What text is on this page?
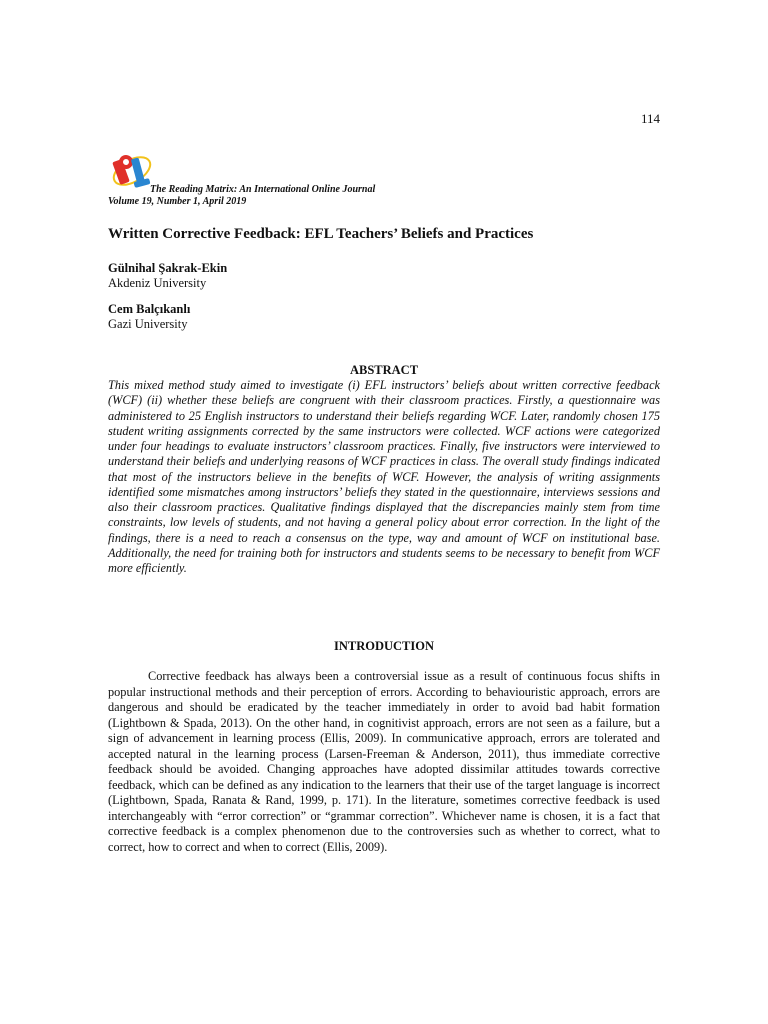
114
The Reading Matrix: An International Online Journal
Volume 19, Number 1, April 2019
Written Corrective Feedback: EFL Teachers’ Beliefs and Practices
Gülnihal Şakrak-Ekin
Akdeniz University
Cem Balçıkanlı
Gazi University
ABSTRACT
This mixed method study aimed to investigate (i) EFL instructors’ beliefs about written corrective feedback (WCF) (ii) whether these beliefs are congruent with their classroom practices. Firstly, a questionnaire was administered to 25 English instructors to understand their beliefs regarding WCF. Later, randomly chosen 175 student writing assignments corrected by the same instructors were collected. WCF actions were categorized under four headings to evaluate instructors’ classroom practices. Finally, five instructors were interviewed to understand their beliefs and underlying reasons of WCF practices in class. The overall study findings indicated that most of the instructors believe in the benefits of WCF. However, the analysis of writing assignments identified some mismatches among instructors’ beliefs they stated in the questionnaire, interviews sessions and also their classroom practices. Qualitative findings displayed that the discrepancies mainly stem from time constraints, low levels of students, and not having a general policy about error correction. In the light of the findings, there is a need to reach a consensus on the type, way and amount of WCF on institutional base. Additionally, the need for training both for instructors and students seems to be necessary to benefit from WCF more efficiently.
INTRODUCTION

Corrective feedback has always been a controversial issue as a result of continuous focus shifts in popular instructional methods and their perception of errors. According to behaviouristic approach, errors are dangerous and should be eradicated by the teacher immediately in order to avoid bad habit formation (Lightbown & Spada, 2013). On the other hand, in cognitivist approach, errors are not seen as a failure, but a sign of advancement in learning process (Ellis, 2009). In communicative approach, errors are tolerated and accepted natural in the learning process (Larsen-Freeman & Anderson, 2011), thus immediate corrective feedback should be avoided. Changing approaches have adopted dissimilar attitudes towards corrective feedback, which can be defined as any indication to the learners that their use of the target language is incorrect (Lightbown, Spada, Ranata & Rand, 1999, p. 171). In the literature, sometimes corrective feedback is used interchangeably with “error correction” or “grammar correction”. Whichever name is chosen, it is a fact that corrective feedback is a complex phenomenon due to the controversies such as whether to correct, what to correct, how to correct and when to correct (Ellis, 2009).
